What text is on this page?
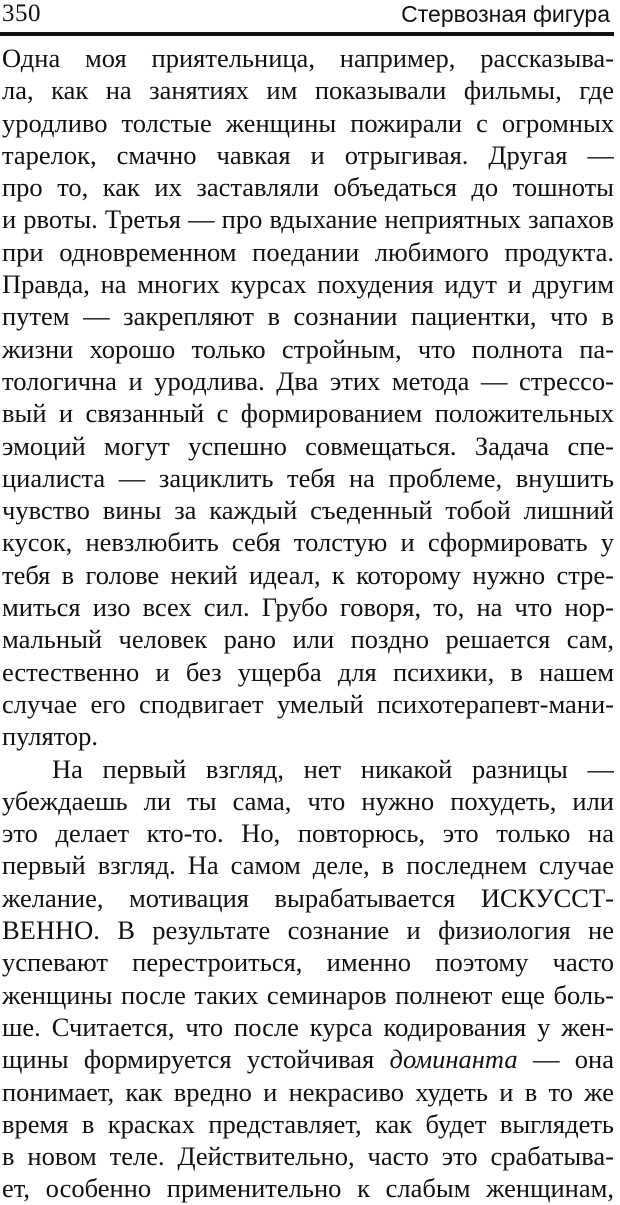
350	Стервозная фигура
Одна моя приятельница, например, рассказыва-
ла, как на занятиях им показывали фильмы, где
уродливо толстые женщины пожирали с огромных
тарелок, смачно чавкая и отрыгивая. Другая —
про то, как их заставляли объедаться до тошноты
и рвоты. Третья — про вдыхание неприятных запахов
при одновременном поедании любимого продукта.
Правда, на многих курсах похудения идут и другим
путем — закрепляют в сознании пациентки, что в
жизни хорошо только стройным, что полнота па-
тологична и уродлива. Два этих метода — стрессо-
вый и связанный с формированием положительных
эмоций могут успешно совмещаться. Задача спе-
циалиста — зациклить тебя на проблеме, внушить
чувство вины за каждый съеденный тобой лишний
кусок, невзлюбить себя толстую и сформировать у
тебя в голове некий идеал, к которому нужно стре-
миться изо всех сил. Грубо говоря, то, на что нор-
мальный человек рано или поздно решается сам,
естественно и без ущерба для психики, в нашем
случае его сподвигает умелый психотерапевт-мани-
пулятор.
На первый взгляд, нет никакой разницы —
убеждаешь ли ты сама, что нужно похудеть, или
это делает кто-то. Но, повторюсь, это только на
первый взгляд. На самом деле, в последнем случае
желание, мотивация вырабатывается ИСКУССТ-
ВЕННО. В результате сознание и физиология не
успевают перестроиться, именно поэтому часто
женщины после таких семинаров полнеют еще боль-
ше. Считается, что после курса кодирования у жен-
щины формируется устойчивая доминанта — она
понимает, как вредно и некрасиво худеть и в то же
время в красках представляет, как будет выглядеть
в новом теле. Действительно, часто это срабатыва-
ет, особенно применительно к слабым женщинам,
